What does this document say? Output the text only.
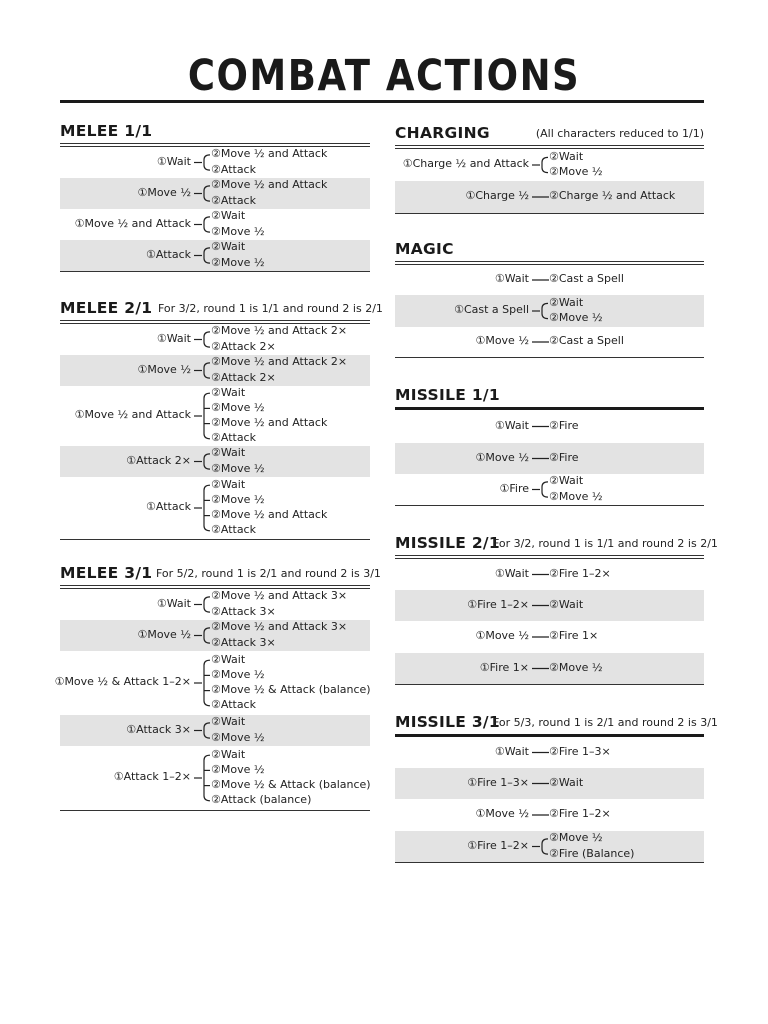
COMBAT ACTIONS
MELEE 1/1
①Wait
②Move ½ and Attack
②Attack
①Move ½
②Move ½ and Attack
②Attack
①Move ½ and Attack
②Wait
②Move ½
①Attack
②Wait
②Move ½
MELEE 2/1 For 3/2, round 1 is 1/1 and round 2 is 2/1
①Wait
②Move ½ and Attack 2×
②Attack 2×
①Move ½
②Move ½ and Attack 2×
②Attack 2×
①Move ½ and Attack
②Wait
②Move ½
②Move ½ and Attack
②Attack
①Attack 2×
②Wait
②Move ½
①Attack
②Wait
②Move ½
②Move ½ and Attack
②Attack
MELEE 3/1 For 5/2, round 1 is 2/1 and round 2 is 3/1
①Wait
②Move ½ and Attack 3×
②Attack 3×
①Move ½
②Move ½ and Attack 3×
②Attack 3×
①Move ½ & Attack 1–2×
②Wait
②Move ½
②Move ½ & Attack (balance)
②Attack
①Attack 3×
②Wait
②Move ½
①Attack 1–2×
②Wait
②Move ½
②Move ½ & Attack (balance)
②Attack (balance)
CHARGING	(All characters reduced to 1/1)
①Charge ½ and Attack
②Wait
②Move ½
①Charge ½ ②Charge ½ and Attack
MAGIC
①Wait ②Cast a Spell
①Cast a Spell
②Wait
②Move ½
①Move ½ ②Cast a Spell
MISSILE 1/1
①Wait ②Fire
①Move ½ ②Fire
①Fire
②Wait
②Move ½
MISSILE 2/1
For 3/2, round 1 is 1/1 and round 2 is 2/1
①Wait ②Fire 1–2×
①Fire 1–2× ②Wait
①Move ½ ②Fire 1×
①Fire 1× ②Move ½
MISSILE 3/1
For 5/3, round 1 is 2/1 and round 2 is 3/1
①Wait ②Fire 1–3×
①Fire 1–3× ②Wait
①Move ½ ②Fire 1–2×
①Fire 1–2×
②Move ½
②Fire (Balance)
